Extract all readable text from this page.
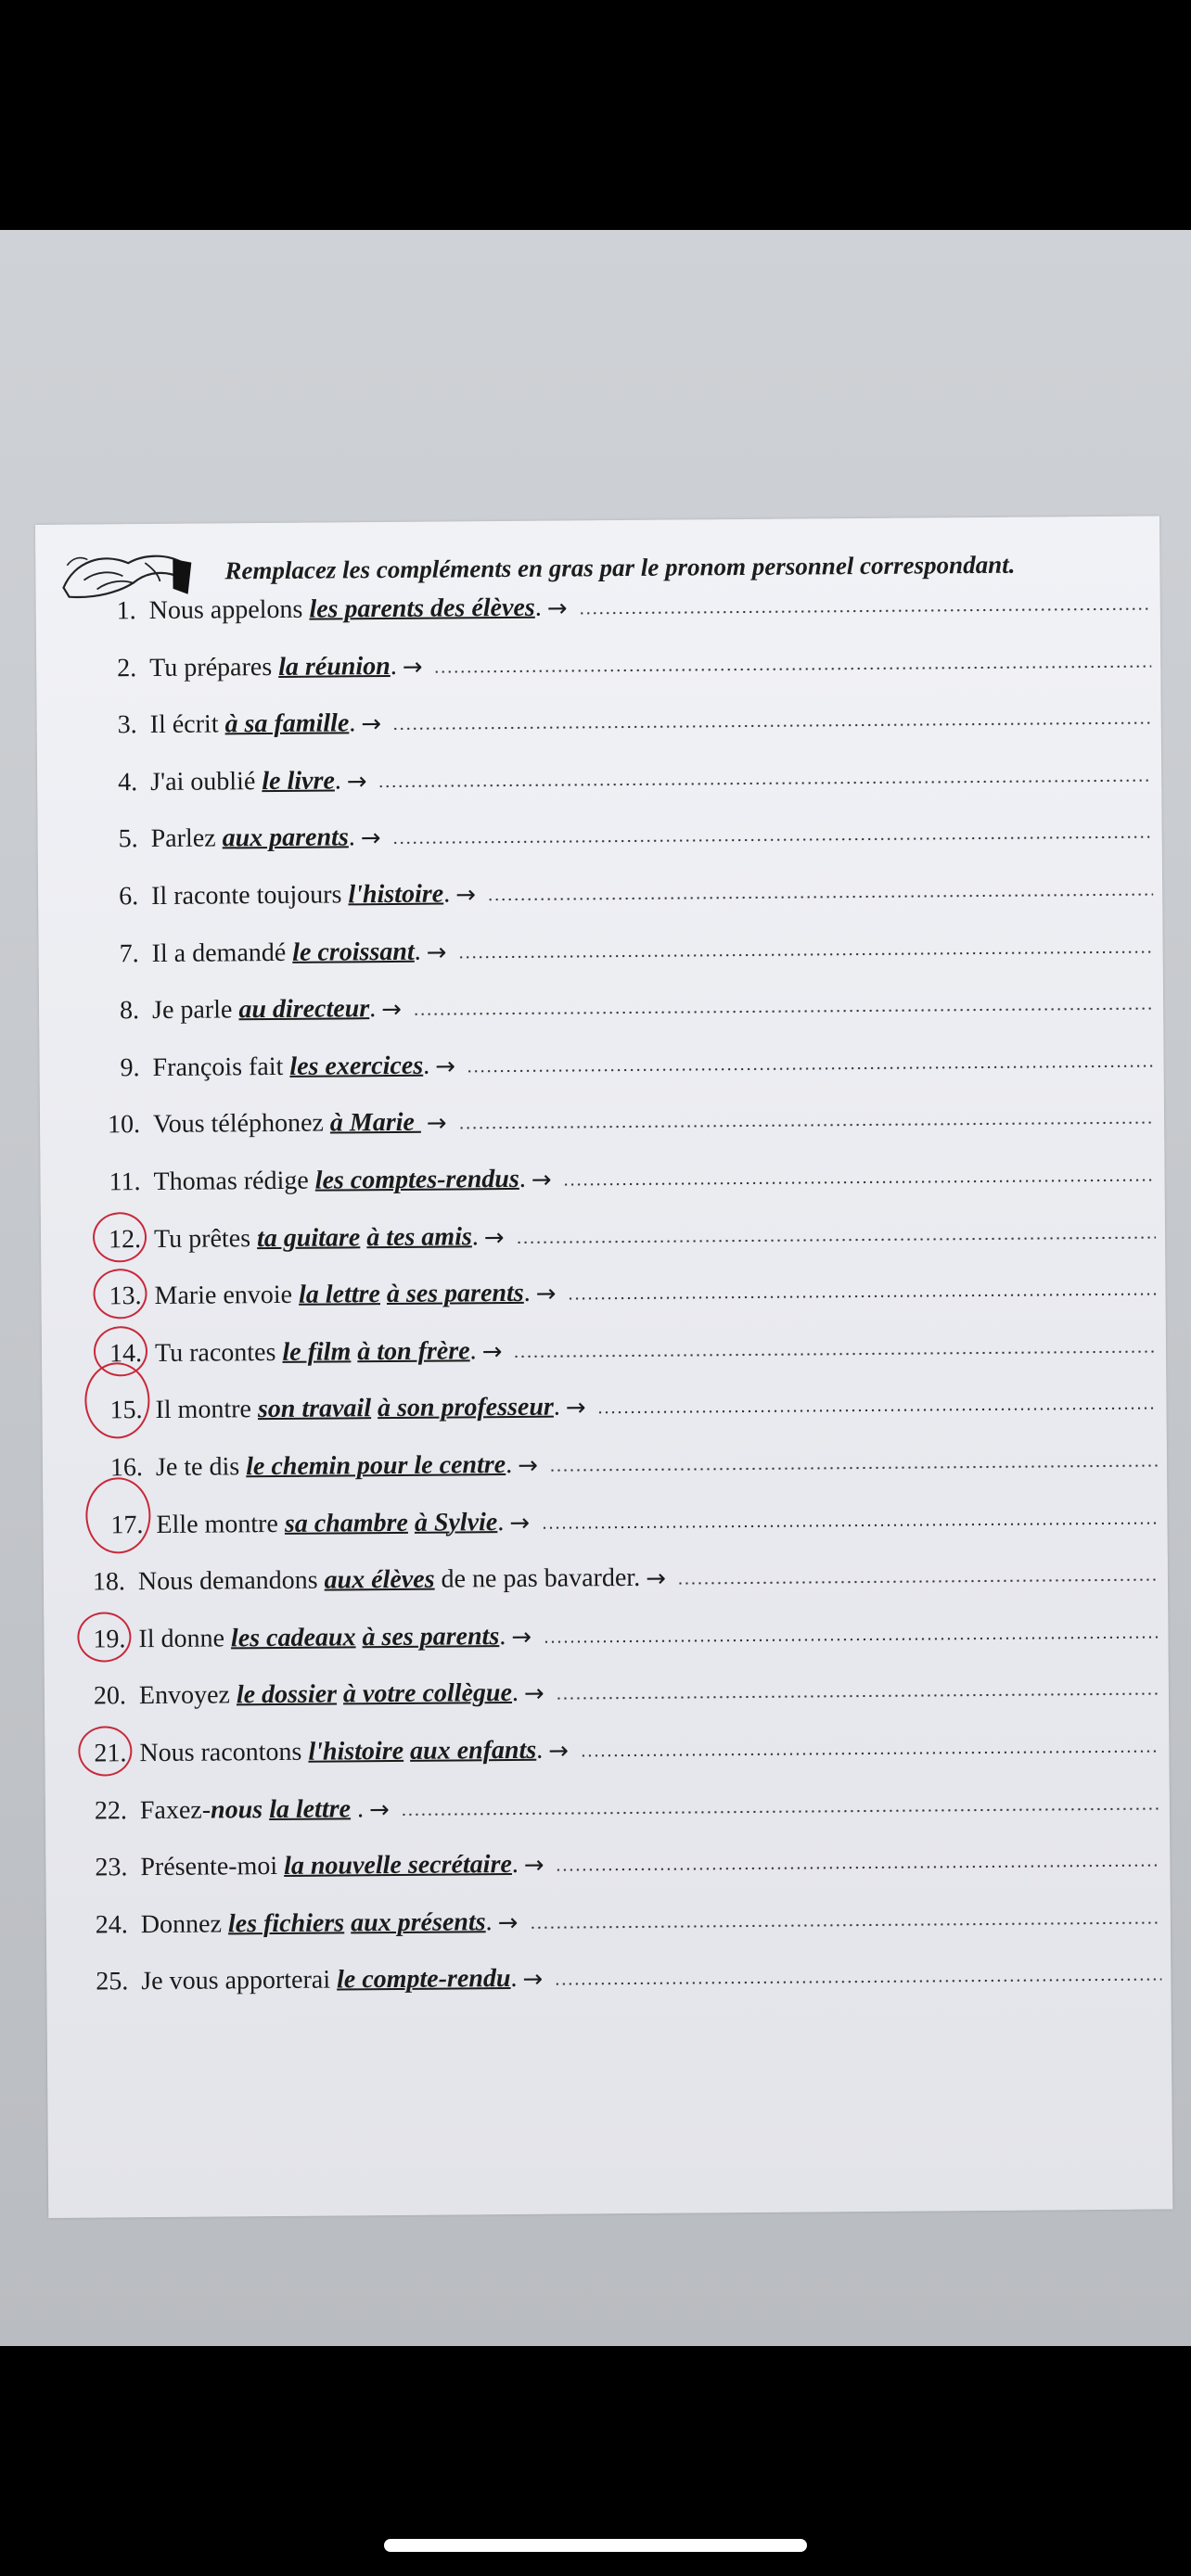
Remplacez les compléments en gras par le pronom personnel correspondant.
1. Nous appelons les parents des élèves . →
2. Tu prépares la réunion . →
3. Il écrit à sa famille . →
4. J'ai oublié le livre . →
5. Parlez aux parents . →
6. Il raconte toujours l'histoire . →
7. Il a demandé le croissant . →
8. Je parle au directeur . →
9. François fait les exercices . →
10. Vous téléphonez à Marie →
11. Thomas rédige les comptes-rendus . →
12. Tu prêtes ta guitare
à tes amis . →
13. Marie envoie la lettre
à ses parents . →
14. Tu racontes le film
à ton frère . →
15. Il montre son travail
à son professeur . →
16. Je te dis le chemin pour le centre . →
17. Elle montre sa chambre
à Sylvie . →
18. Nous demandons aux élèves de ne pas bavarder. →
19. Il donne les cadeaux
à ses parents . →
20. Envoyez le dossier
à votre collègue . →
21. Nous racontons l'histoire
aux enfants . →
22. Faxez- nous la lettre . →
23. Présente-moi la nouvelle secrétaire . →
24. Donnez les fichiers
aux présents . →
25. Je vous apporterai le compte-rendu . →
